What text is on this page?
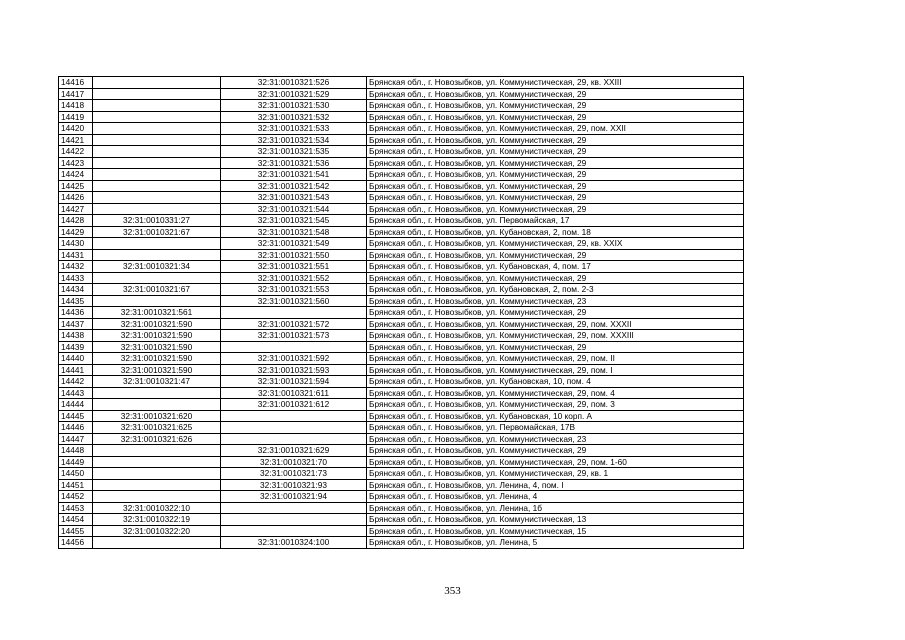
14416		32:31:0010321:526	Брянская обл., г. Новозыбков, ул. Коммунистическая, 29, кв. XXIII
14417		32:31:0010321:529	Брянская обл., г. Новозыбков, ул. Коммунистическая, 29
14418		32:31:0010321:530	Брянская обл., г. Новозыбков, ул. Коммунистическая, 29
14419		32:31:0010321:532	Брянская обл., г. Новозыбков, ул. Коммунистическая, 29
14420		32:31:0010321:533	Брянская обл., г. Новозыбков, ул. Коммунистическая, 29, пом. XXII
14421		32:31:0010321:534	Брянская обл., г. Новозыбков, ул. Коммунистическая, 29
14422		32:31:0010321:535	Брянская обл., г. Новозыбков, ул. Коммунистическая, 29
14423		32:31:0010321:536	Брянская обл., г. Новозыбков, ул. Коммунистическая, 29
14424		32:31:0010321:541	Брянская обл., г. Новозыбков, ул. Коммунистическая, 29
14425		32:31:0010321:542	Брянская обл., г. Новозыбков, ул. Коммунистическая, 29
14426		32:31:0010321:543	Брянская обл., г. Новозыбков, ул. Коммунистическая, 29
14427		32:31:0010321:544	Брянская обл., г. Новозыбков, ул. Коммунистическая, 29
14428	32:31:0010331:27	32:31:0010321:545	Брянская обл., г. Новозыбков, ул. Первомайская, 17
14429	32:31:0010321:67	32:31:0010321:548	Брянская обл., г. Новозыбков, ул. Кубановская, 2, пом. 18
14430		32:31:0010321:549	Брянская обл., г. Новозыбков, ул. Коммунистическая, 29, кв. XXIX
14431		32:31:0010321:550	Брянская обл., г. Новозыбков, ул. Коммунистическая, 29
14432	32:31:0010321:34	32:31:0010321:551	Брянская обл., г. Новозыбков, ул. Кубановская, 4, пом. 17
14433		32:31:0010321:552	Брянская обл., г. Новозыбков, ул. Коммунистическая, 29
14434	32:31:0010321:67	32:31:0010321:553	Брянская обл., г. Новозыбков, ул. Кубановская, 2, пом. 2-3
14435		32:31:0010321:560	Брянская обл., г. Новозыбков, ул. Коммунистическая, 23
14436	32:31:0010321:561		Брянская обл., г. Новозыбков, ул. Коммунистическая, 29
14437	32:31:0010321:590	32:31:0010321:572	Брянская обл., г. Новозыбков, ул. Коммунистическая, 29, пом. XXXII
14438	32:31:0010321:590	32:31:0010321:573	Брянская обл., г. Новозыбков, ул. Коммунистическая, 29, пом. XXXIII
14439	32:31:0010321:590		Брянская обл., г. Новозыбков, ул. Коммунистическая, 29
14440	32:31:0010321:590	32:31:0010321:592	Брянская обл., г. Новозыбков, ул. Коммунистическая, 29, пом. II
14441	32:31:0010321:590	32:31:0010321:593	Брянская обл., г. Новозыбков, ул. Коммунистическая, 29, пом. I
14442	32:31:0010321:47	32:31:0010321:594	Брянская обл., г. Новозыбков, ул. Кубановская, 10, пом. 4
14443		32:31:0010321:611	Брянская обл., г. Новозыбков, ул. Коммунистическая, 29, пом. 4
14444		32:31:0010321:612	Брянская обл., г. Новозыбков, ул. Коммунистическая, 29, пом. 3
14445	32:31:0010321:620		Брянская обл., г. Новозыбков, ул. Кубановская, 10 корп. А
14446	32:31:0010321:625		Брянская обл., г. Новозыбков, ул. Первомайская, 17В
14447	32:31:0010321:626		Брянская обл., г. Новозыбков, ул. Коммунистическая, 23
14448		32:31:0010321:629	Брянская обл., г. Новозыбков, ул. Коммунистическая, 29
14449		32:31:0010321:70	Брянская обл., г. Новозыбков, ул. Коммунистическая, 29, пом. 1-60
14450		32:31:0010321:73	Брянская обл., г. Новозыбков, ул. Коммунистическая, 29, кв. 1
14451		32:31:0010321:93	Брянская обл., г. Новозыбков, ул. Ленина, 4, пом. I
14452		32:31:0010321:94	Брянская обл., г. Новозыбков, ул. Ленина, 4
14453	32:31:0010322:10		Брянская обл., г. Новозыбков, ул. Ленина, 1б
14454	32:31:0010322:19		Брянская обл., г. Новозыбков, ул. Коммунистическая, 13
14455	32:31:0010322:20		Брянская обл., г. Новозыбков, ул. Коммунистическая, 15
14456		32:31:0010324:100	Брянская обл., г. Новозыбков, ул. Ленина, 5
353
